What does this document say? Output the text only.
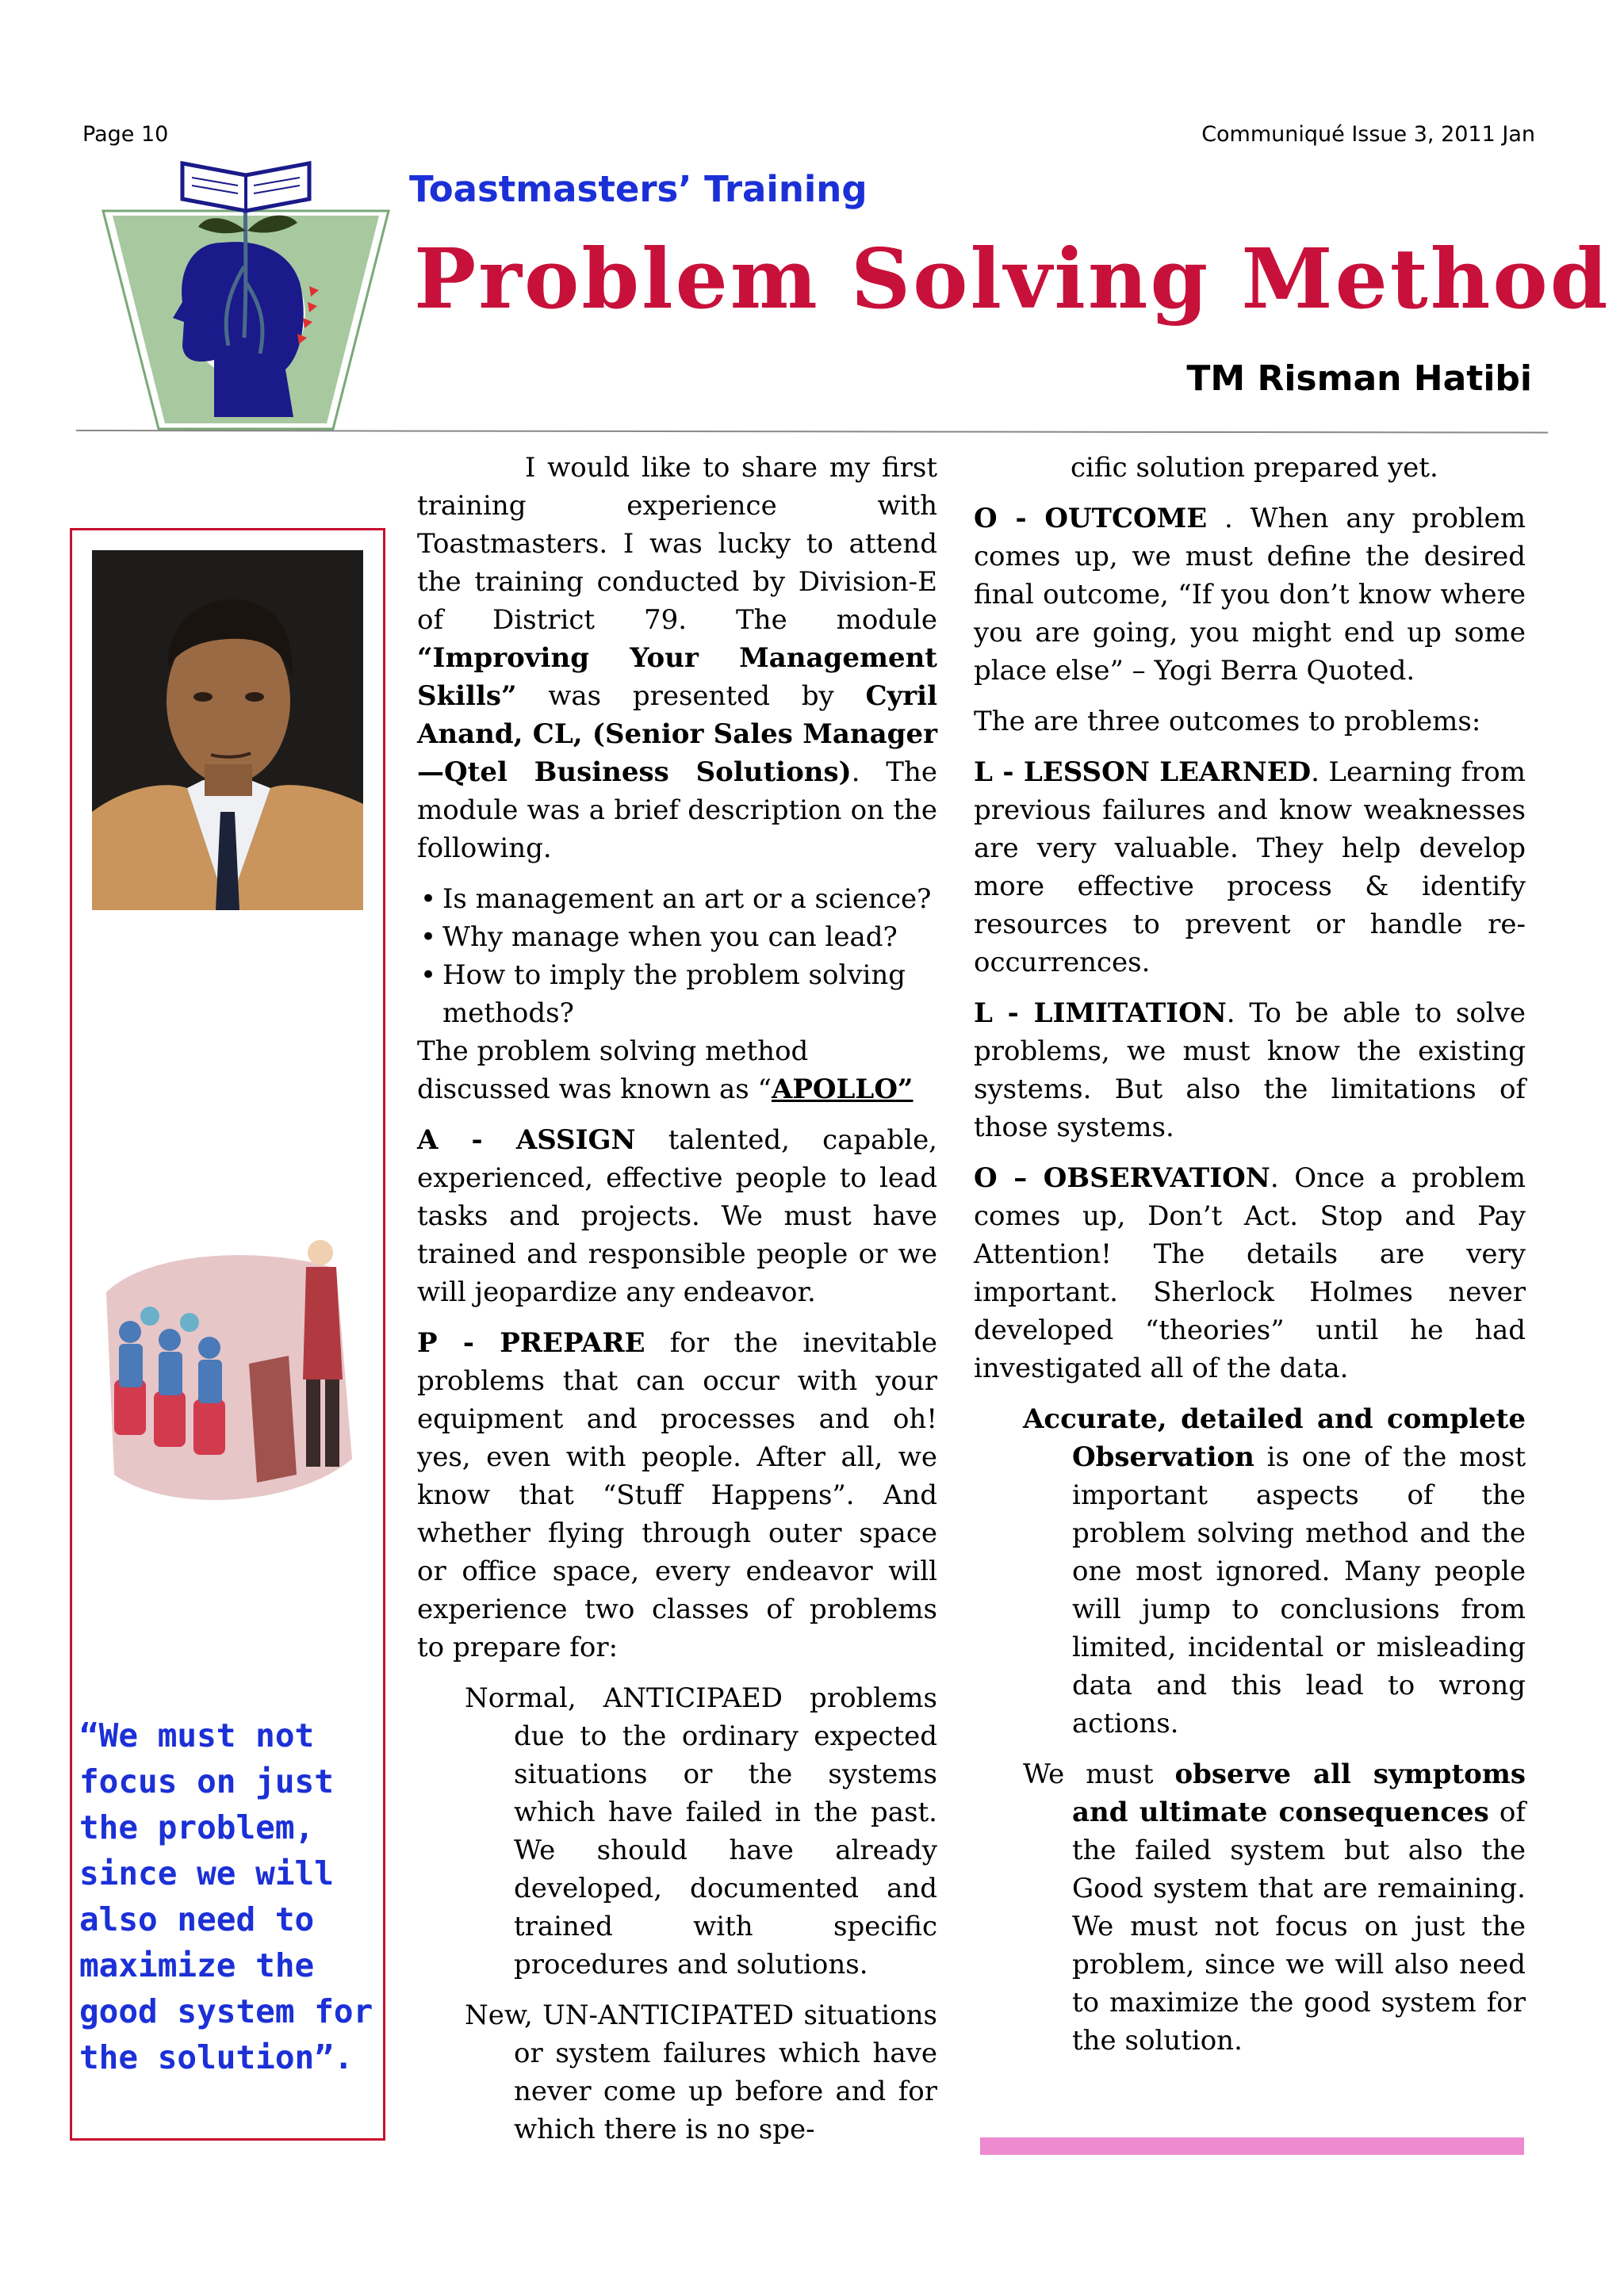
Page 10	Communiqué Issue 3, 2011 Jan
Toastmasters’ Training
Problem Solving Method
TM Risman Hatibi
“We must not focus on just the problem, since we will also need to maximize the good system for the solution”.

I would like to share my first training experience with Toastmasters. I was lucky to attend the training conducted by Division-E of District 79. The module “Improving Your Management Skills” was presented by Cyril Anand, CL, (Senior Sales Manager—Qtel Business Solutions). The module was a brief description on the following.

• Is management an art or a science?
• Why manage when you can lead?
• How to imply the problem solving methods?

The problem solving method discussed was known as “APOLLO”

A - ASSIGN talented, capable, experienced, effective people to lead tasks and projects. We must have trained and responsible people or we will jeopardize any endeavor.

P - PREPARE for the inevitable problems that can occur with your equipment and processes and oh! yes, even with people. After all, we know that “Stuff Happens”. And whether flying through outer space or office space, every endeavor will experience two classes of problems to prepare for:

Normal, ANTICIPAED problems due to the ordinary expected situations or the systems which have failed in the past. We should have already developed, documented and trained with specific procedures and solutions.

New, UN-ANTICIPATED situations or system failures which have never come up before and for which there is no spe-

cific solution prepared yet.

O - OUTCOME . When any problem comes up, we must define the desired final outcome, “If you don’t know where you are going, you might end up some place else” – Yogi Berra Quoted.

The are three outcomes to problems:

L - LESSON LEARNED. Learning from previous failures and know weaknesses are very valuable. They help develop more effective process & identify resources to prevent or handle re-occurrences.

L - LIMITATION. To be able to solve problems, we must know the existing systems. But also the limitations of those systems.

O – OBSERVATION. Once a problem comes up, Don’t Act. Stop and Pay Attention! The details are very important. Sherlock Holmes never developed “theories” until he had investigated all of the data.

Accurate, detailed and complete Observation is one of the most important aspects of the problem solving method and the one most ignored. Many people will jump to conclusions from limited, incidental or misleading data and this lead to wrong actions.

We must observe all symptoms and ultimate consequences of the failed system but also the Good system that are remaining. We must not focus on just the problem, since we will also need to maximize the good system for the solution.
